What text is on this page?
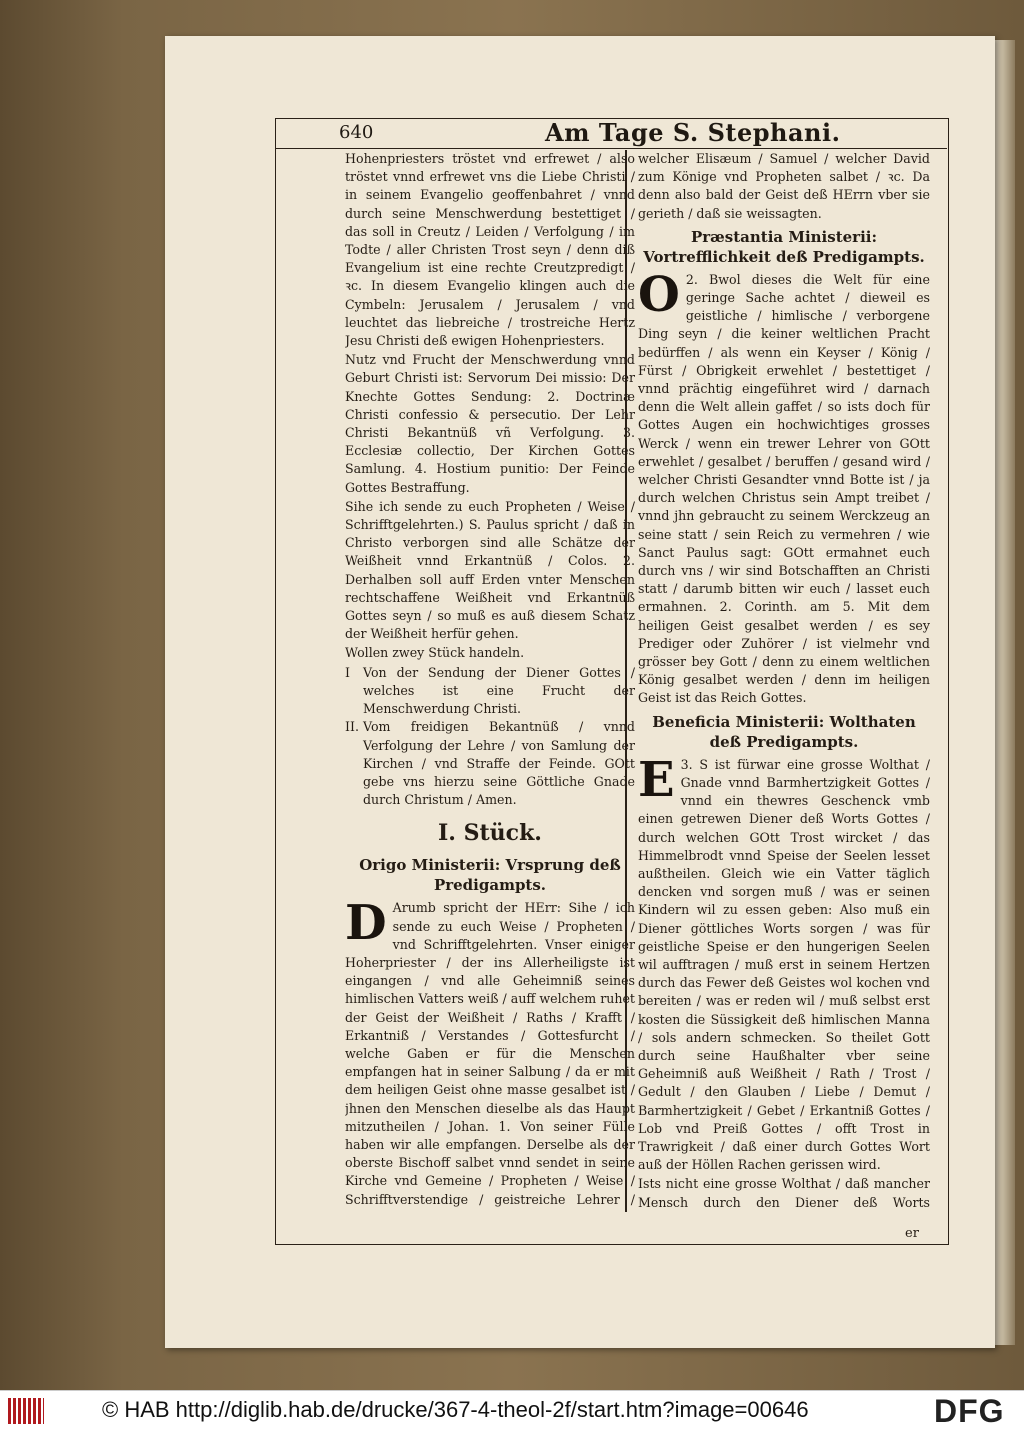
640	Am Tage S. Stephani.

Hohenpriesters tröstet vnd erfrewet / also tröstet vnnd erfrewet vns die Liebe Christi / in seinem Evangelio geoffenbahret / vnnd durch seine Menschwerdung bestettiget / das soll in Creutz / Leiden / Verfolgung / im Todte / aller Christen Trost seyn / denn diß Evangelium ist eine rechte Creutzpredigt / ꝛc. In diesem Evangelio klingen auch die Cymbeln: Jerusalem / Jerusalem / vnd leuchtet das liebreiche / trostreiche Hertz Jesu Christi deß ewigen Hohenpriesters.

Nutz vnd Frucht der Menschwerdung vnnd Geburt Christi ist: Servorum Dei missio: Der Knechte Gottes Sendung: 2. Doctrinæ Christi confessio & persecutio. Der Lehr Christi Bekantnüß vñ Verfolgung. 3. Ecclesiæ collectio, Der Kirchen Gottes Samlung. 4. Hostium punitio: Der Feinde Gottes Bestraffung.

Sihe ich sende zu euch Propheten / Weise / Schrifftgelehrten.) S. Paulus spricht / daß in Christo verborgen sind alle Schätze der Weißheit vnnd Erkantnüß / Colos. 2. Derhalben soll auff Erden vnter Menschen rechtschaffene Weißheit vnd Erkantnüß Gottes seyn / so muß es auß diesem Schatz der Weißheit herfür gehen.

Wollen zwey Stück handeln.

I	Von der Sendung der Diener Gottes / welches ist eine Frucht der Menschwerdung Christi.
II. Vom freidigen Bekantnüß / vnnd Verfolgung der Lehre / von Samlung der Kirchen / vnd Straffe der Feinde. GOtt gebe vns hierzu seine Göttliche Gnade durch Christum / Amen.
I. Stück.
Origo Ministerii: Vrsprung deß Predigampts.

D Arumb spricht der HErr: Sihe / ich sende zu euch Weise / Propheten / vnd Schrifftgelehrten. Vnser einiger Hoherpriester / der ins Allerheiligste ist eingangen / vnd alle Geheimniß seines himlischen Vatters weiß / auff welchem ruhet der Geist der Weißheit / Raths / Krafft / Erkantniß / Verstandes / Gottesfurcht / welche Gaben er für die Menschen empfangen hat in seiner Salbung / da er mit dem heiligen Geist ohne masse gesalbet ist / jhnen den Menschen dieselbe als das Haupt mitzutheilen / Johan. 1. Von seiner Fülle haben wir alle empfangen. Derselbe als der oberste Bischoff salbet vnnd sendet in seine Kirche vnd Gemeine / Propheten / Weise / Schrifftverstendige / geistreiche Lehrer /

welcher Elisæum / Samuel / welcher David zum Könige vnd Propheten salbet / ꝛc. Da denn also bald der Geist deß HErrn vber sie gerieth / daß sie weissagten.

Præstantia Ministerii: Vortrefflichkeit deß Predigampts.

2.
O Bwol dieses die Welt für eine geringe Sache achtet / dieweil es geistliche / himlische / verborgene Ding seyn / die keiner weltlichen Pracht bedürffen / als wenn ein Keyser / König / Fürst / Obrigkeit erwehlet / bestettiget / vnnd prächtig eingeführet wird / darnach denn die Welt allein gaffet / so ists doch für Gottes Augen ein hochwichtiges grosses Werck / wenn ein trewer Lehrer von GOtt erwehlet / gesalbet / beruffen / gesand wird / welcher Christi Gesandter vnnd Botte ist / ja durch welchen Christus sein Ampt treibet / vnnd jhn gebraucht zu seinem Werckzeug an seine statt / sein Reich zu vermehren / wie Sanct Paulus sagt: GOtt ermahnet euch durch vns / wir sind Botschafften an Christi statt / darumb bitten wir euch / lasset euch ermahnen. 2. Corinth. am 5. Mit dem heiligen Geist gesalbet werden / es sey Prediger oder Zuhörer / ist vielmehr vnd grösser bey Gott / denn zu einem weltlichen König gesalbet werden / denn im heiligen Geist ist das Reich Gottes.

Beneficia Ministerii: Wolthaten deß Predigampts.

3.
E S ist fürwar eine grosse Wolthat / Gnade vnnd Barmhertzigkeit Gottes / vnnd ein thewres Geschenck vmb einen getrewen Diener deß Worts Gottes / durch welchen GOtt Trost wircket / das Himmelbrodt vnnd Speise der Seelen lesset außtheilen. Gleich wie ein Vatter täglich dencken vnd sorgen muß / was er seinen Kindern wil zu essen geben: Also muß ein Diener göttliches Worts sorgen / was für geistliche Speise er den hungerigen Seelen wil aufftragen / muß erst in seinem Hertzen durch das Fewer deß Geistes wol kochen vnd bereiten / was er reden wil / muß selbst erst kosten die Süssigkeit deß himlischen Manna / sols andern schmecken. So theilet Gott durch seine Haußhalter vber seine Geheimniß auß Weißheit / Rath / Trost / Gedult / den Glauben / Liebe / Demut / Barmhertzigkeit / Gebet / Erkantniß Gottes / Lob vnd Preiß Gottes / offt Trost in Trawrigkeit / daß einer durch Gottes Wort auß der Höllen Rachen gerissen wird.

Ists nicht eine grosse Wolthat / daß mancher Mensch durch den Diener deß Worts

er
© HAB http://diglib.hab.de/drucke/367-4-theol-2f/start.htm?image=00646	DFG
